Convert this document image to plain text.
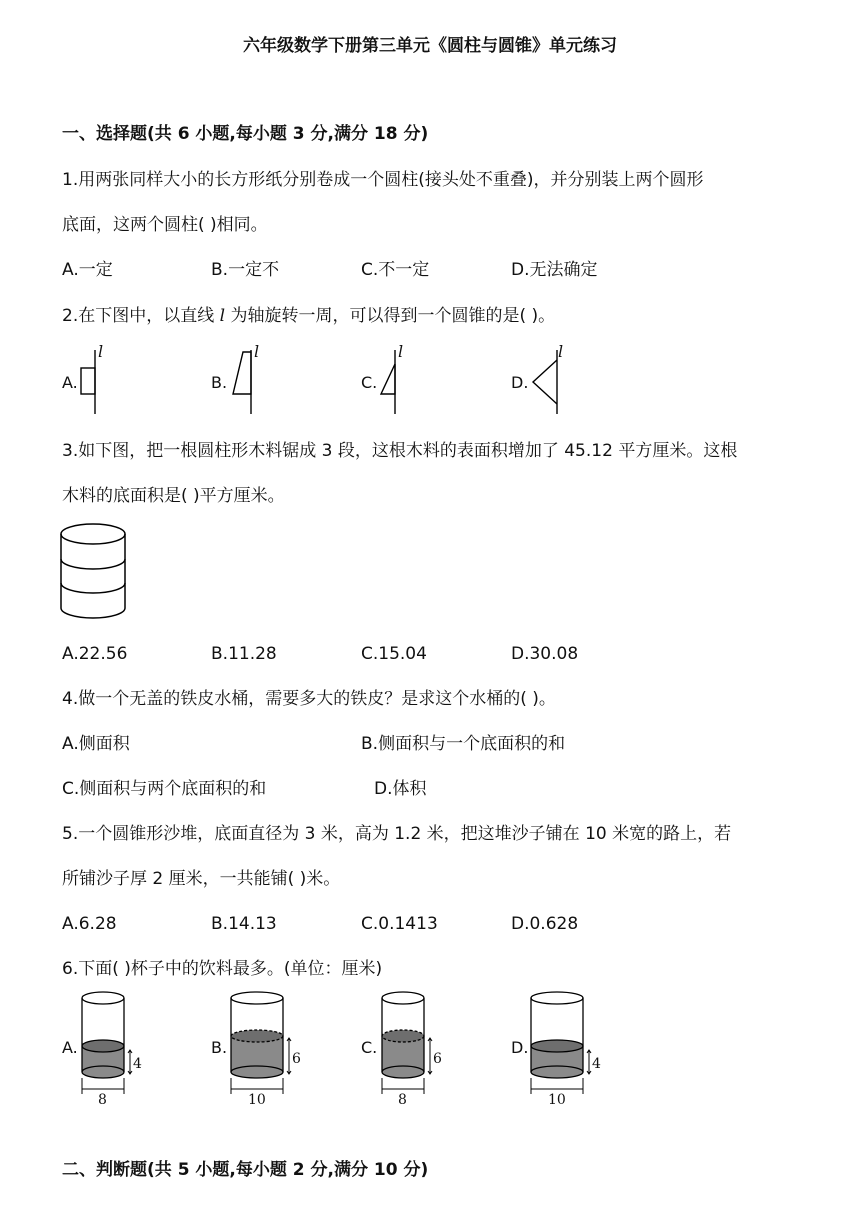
六年级数学下册第三单元《圆柱与圆锥》单元练习
一、选择题(共 6 小题,每小题 3 分,满分 18 分)
1.用两张同样大小的长方形纸分别卷成一个圆柱(接头处不重叠)，并分别装上两个圆形
底面，这两个圆柱( )相同。
A.一定	B.一定不	C.不一定	D.无法确定
2.在下图中，以直线 l 为轴旋转一周，可以得到一个圆锥的是( )。
A.
l
B.
l
C.
l
D.
l
3.如下图，把一根圆柱形木料锯成 3 段，这根木料的表面积增加了 45.12 平方厘米。这根
木料的底面积是( )平方厘米。
A.22.56	B.11.28	C.15.04	D.30.08
4.做一个无盖的铁皮水桶，需要多大的铁皮？是求这个水桶的( )。
A.侧面积	B.侧面积与一个底面积的和
C.侧面积与两个底面积的和	D.体积
5.一个圆锥形沙堆，底面直径为 3 米，高为 1.2 米，把这堆沙子铺在 10 米宽的路上，若
所铺沙子厚 2 厘米，一共能铺( )米。
A.6.28	B.14.13	C.0.1413	D.0.628
6.下面( )杯子中的饮料最多。(单位：厘米)
A.
4
8
B.
6
10
C.
6
8
D.
4
10
二、判断题(共 5 小题,每小题 2 分,满分 10 分)
